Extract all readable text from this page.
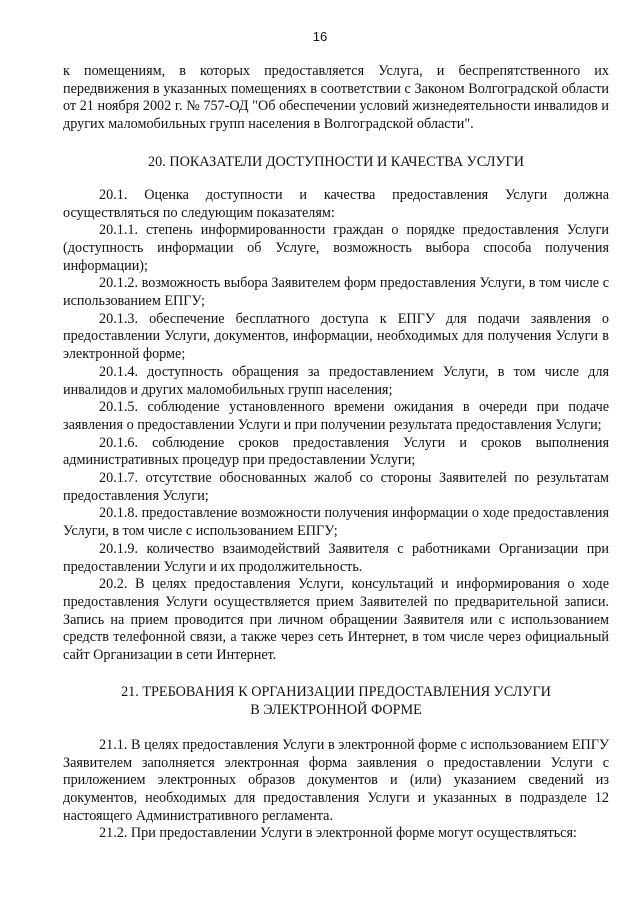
16

к помещениям, в которых предоставляется Услуга, и беспрепятственного их передвижения в указанных помещениях в соответствии с Законом Волгоградской области от 21 ноября 2002 г. № 757-ОД "Об обеспечении условий жизнедеятельности инвалидов и других маломобильных групп населения в Волгоградской области".

20. ПОКАЗАТЕЛИ ДОСТУПНОСТИ И КАЧЕСТВА УСЛУГИ

20.1. Оценка доступности и качества предоставления Услуги должна осуществляться по следующим показателям:

20.1.1. степень информированности граждан о порядке предоставления Услуги (доступность информации об Услуге, возможность выбора способа получения информации);

20.1.2. возможность выбора Заявителем форм предоставления Услуги, в том числе с использованием ЕПГУ;

20.1.3. обеспечение бесплатного доступа к ЕПГУ для подачи заявления о предоставлении Услуги, документов, информации, необходимых для получения Услуги в электронной форме;

20.1.4. доступность обращения за предоставлением Услуги, в том числе для инвалидов и других маломобильных групп населения;

20.1.5. соблюдение установленного времени ожидания в очереди при подаче заявления о предоставлении Услуги и при получении результата предоставления Услуги;

20.1.6. соблюдение сроков предоставления Услуги и сроков выполнения административных процедур при предоставлении Услуги;

20.1.7. отсутствие обоснованных жалоб со стороны Заявителей по результатам предоставления Услуги;

20.1.8. предоставление возможности получения информации о ходе предоставления Услуги, в том числе с использованием ЕПГУ;

20.1.9. количество взаимодействий Заявителя с работниками Организации при предоставлении Услуги и их продолжительность.

20.2. В целях предоставления Услуги, консультаций и информирования о ходе предоставления Услуги осуществляется прием Заявителей по предварительной записи. Запись на прием проводится при личном обращении Заявителя или с использованием средств телефонной связи, а также через сеть Интернет, в том числе через официальный сайт Организации в сети Интернет.

21. ТРЕБОВАНИЯ К ОРГАНИЗАЦИИ ПРЕДОСТАВЛЕНИЯ УСЛУГИ
В ЭЛЕКТРОННОЙ ФОРМЕ

21.1. В целях предоставления Услуги в электронной форме с использованием ЕПГУ Заявителем заполняется электронная форма заявления о предоставлении Услуги с приложением электронных образов документов и (или) указанием сведений из документов, необходимых для предоставления Услуги и указанных в подразделе 12 настоящего Административного регламента.

21.2. При предоставлении Услуги в электронной форме могут осуществляться:
